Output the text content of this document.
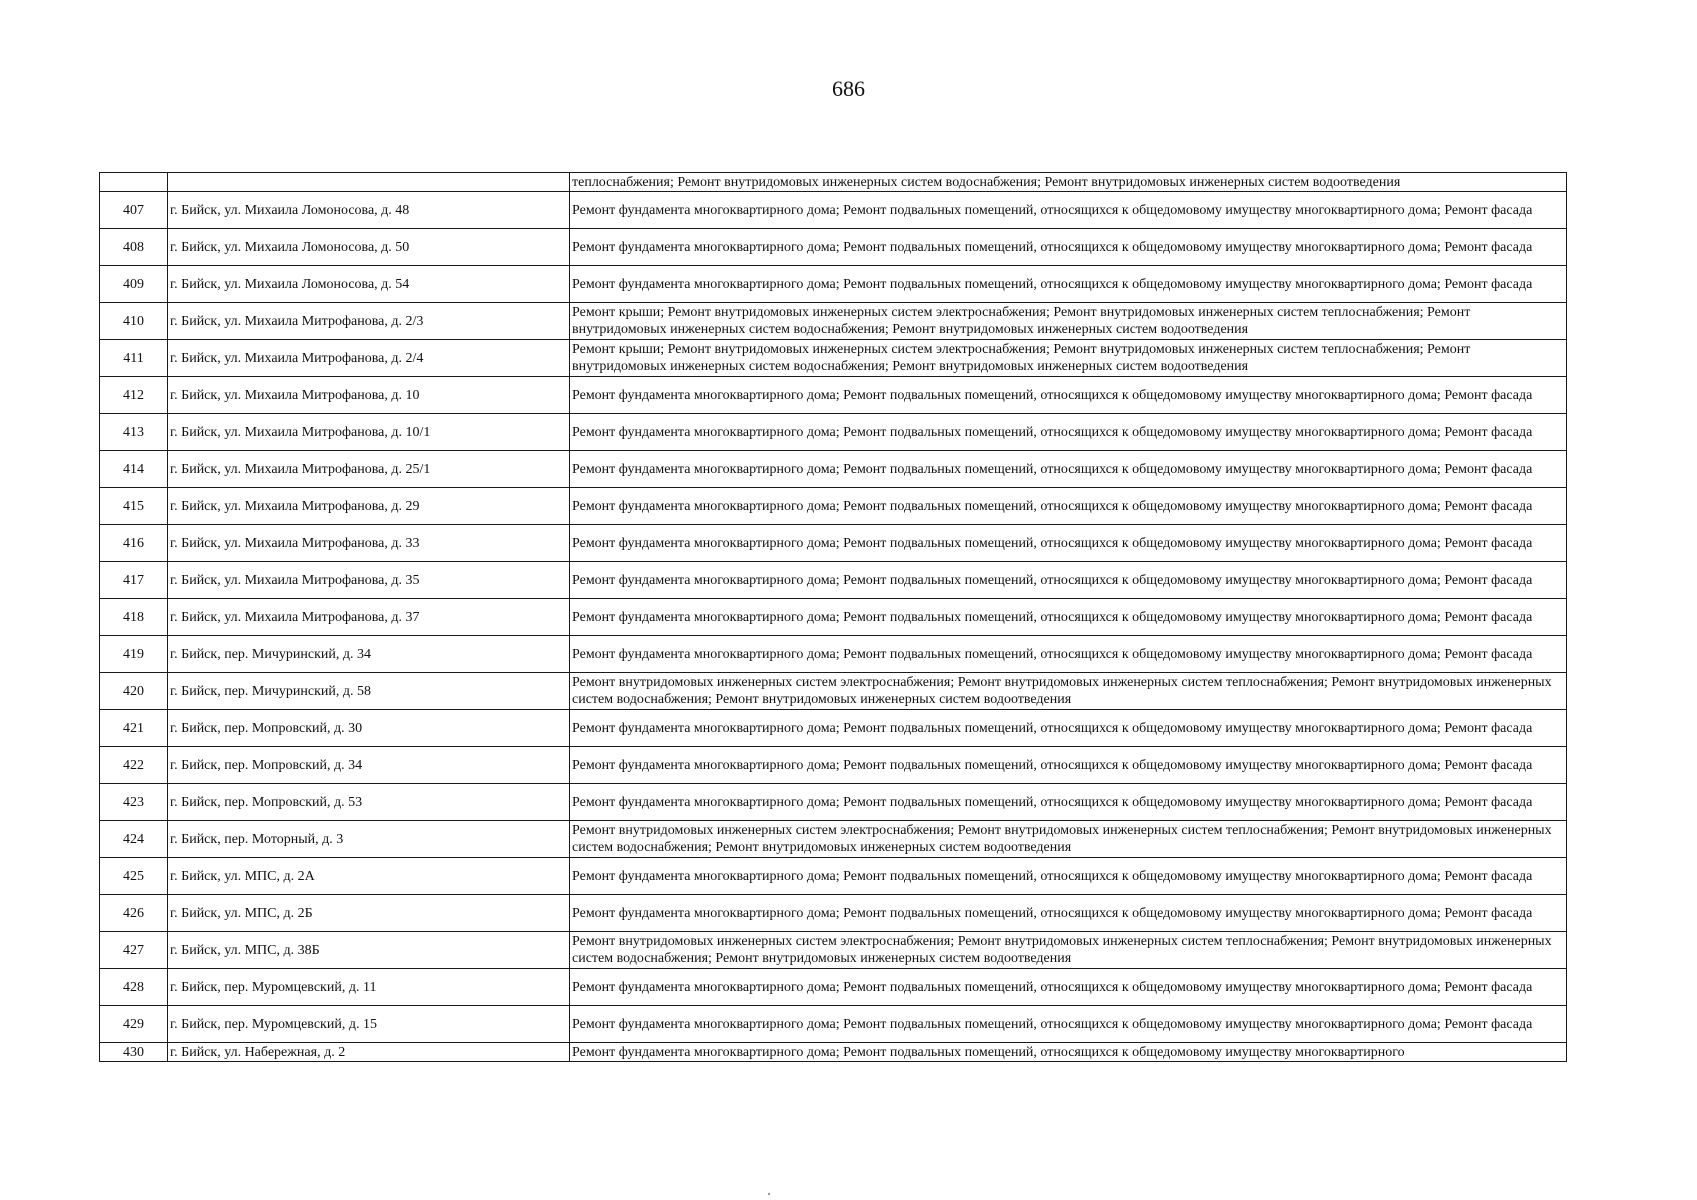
686
		теплоснабжения; Ремонт внутридомовых инженерных систем водоснабжения; Ремонт внутридомовых инженерных систем водоотведения
407	г. Бийск, ул. Михаила Ломоносова, д. 48	Ремонт фундамента многоквартирного дома; Ремонт подвальных помещений, относящихся к общедомовому имуществу многоквартирного дома; Ремонт фасада
408	г. Бийск, ул. Михаила Ломоносова, д. 50	Ремонт фундамента многоквартирного дома; Ремонт подвальных помещений, относящихся к общедомовому имуществу многоквартирного дома; Ремонт фасада
409	г. Бийск, ул. Михаила Ломоносова, д. 54	Ремонт фундамента многоквартирного дома; Ремонт подвальных помещений, относящихся к общедомовому имуществу многоквартирного дома; Ремонт фасада
410	г. Бийск, ул. Михаила Митрофанова, д. 2/3	Ремонт крыши; Ремонт внутридомовых инженерных систем электроснабжения; Ремонт внутридомовых инженерных систем теплоснабжения; Ремонт внутридомовых инженерных систем водоснабжения; Ремонт внутридомовых инженерных систем водоотведения
411	г. Бийск, ул. Михаила Митрофанова, д. 2/4	Ремонт крыши; Ремонт внутридомовых инженерных систем электроснабжения; Ремонт внутридомовых инженерных систем теплоснабжения; Ремонт внутридомовых инженерных систем водоснабжения; Ремонт внутридомовых инженерных систем водоотведения
412	г. Бийск, ул. Михаила Митрофанова, д. 10	Ремонт фундамента многоквартирного дома; Ремонт подвальных помещений, относящихся к общедомовому имуществу многоквартирного дома; Ремонт фасада
413	г. Бийск, ул. Михаила Митрофанова, д. 10/1	Ремонт фундамента многоквартирного дома; Ремонт подвальных помещений, относящихся к общедомовому имуществу многоквартирного дома; Ремонт фасада
414	г. Бийск, ул. Михаила Митрофанова, д. 25/1	Ремонт фундамента многоквартирного дома; Ремонт подвальных помещений, относящихся к общедомовому имуществу многоквартирного дома; Ремонт фасада
415	г. Бийск, ул. Михаила Митрофанова, д. 29	Ремонт фундамента многоквартирного дома; Ремонт подвальных помещений, относящихся к общедомовому имуществу многоквартирного дома; Ремонт фасада
416	г. Бийск, ул. Михаила Митрофанова, д. 33	Ремонт фундамента многоквартирного дома; Ремонт подвальных помещений, относящихся к общедомовому имуществу многоквартирного дома; Ремонт фасада
417	г. Бийск, ул. Михаила Митрофанова, д. 35	Ремонт фундамента многоквартирного дома; Ремонт подвальных помещений, относящихся к общедомовому имуществу многоквартирного дома; Ремонт фасада
418	г. Бийск, ул. Михаила Митрофанова, д. 37	Ремонт фундамента многоквартирного дома; Ремонт подвальных помещений, относящихся к общедомовому имуществу многоквартирного дома; Ремонт фасада
419	г. Бийск, пер. Мичуринский, д. 34	Ремонт фундамента многоквартирного дома; Ремонт подвальных помещений, относящихся к общедомовому имуществу многоквартирного дома; Ремонт фасада
420	г. Бийск, пер. Мичуринский, д. 58	Ремонт внутридомовых инженерных систем электроснабжения; Ремонт внутридомовых инженерных систем теплоснабжения; Ремонт внутридомовых инженерных систем водоснабжения; Ремонт внутридомовых инженерных систем водоотведения
421	г. Бийск, пер. Мопровский, д. 30	Ремонт фундамента многоквартирного дома; Ремонт подвальных помещений, относящихся к общедомовому имуществу многоквартирного дома; Ремонт фасада
422	г. Бийск, пер. Мопровский, д. 34	Ремонт фундамента многоквартирного дома; Ремонт подвальных помещений, относящихся к общедомовому имуществу многоквартирного дома; Ремонт фасада
423	г. Бийск, пер. Мопровский, д. 53	Ремонт фундамента многоквартирного дома; Ремонт подвальных помещений, относящихся к общедомовому имуществу многоквартирного дома; Ремонт фасада
424	г. Бийск, пер. Моторный, д. 3	Ремонт внутридомовых инженерных систем электроснабжения; Ремонт внутридомовых инженерных систем теплоснабжения; Ремонт внутридомовых инженерных систем водоснабжения; Ремонт внутридомовых инженерных систем водоотведения
425	г. Бийск, ул. МПС, д. 2А	Ремонт фундамента многоквартирного дома; Ремонт подвальных помещений, относящихся к общедомовому имуществу многоквартирного дома; Ремонт фасада
426	г. Бийск, ул. МПС, д. 2Б	Ремонт фундамента многоквартирного дома; Ремонт подвальных помещений, относящихся к общедомовому имуществу многоквартирного дома; Ремонт фасада
427	г. Бийск, ул. МПС, д. 38Б	Ремонт внутридомовых инженерных систем электроснабжения; Ремонт внутридомовых инженерных систем теплоснабжения; Ремонт внутридомовых инженерных систем водоснабжения; Ремонт внутридомовых инженерных систем водоотведения
428	г. Бийск, пер. Муромцевский, д. 11	Ремонт фундамента многоквартирного дома; Ремонт подвальных помещений, относящихся к общедомовому имуществу многоквартирного дома; Ремонт фасада
429	г. Бийск, пер. Муромцевский, д. 15	Ремонт фундамента многоквартирного дома; Ремонт подвальных помещений, относящихся к общедомовому имуществу многоквартирного дома; Ремонт фасада
430	г. Бийск, ул. Набережная, д. 2	Ремонт фундамента многоквартирного дома; Ремонт подвальных помещений, относящихся к общедомовому имуществу многоквартирного
